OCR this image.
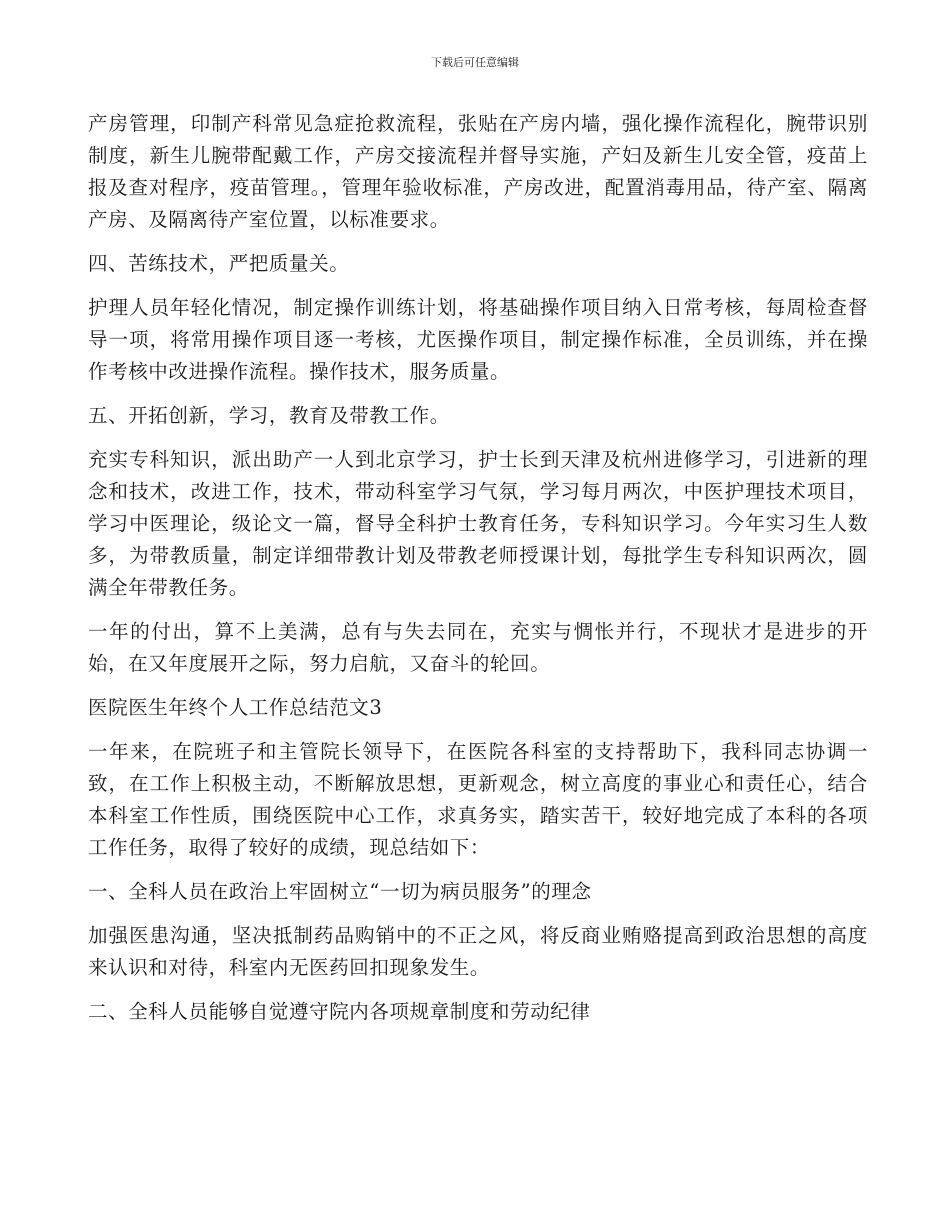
下载后可任意编辑

产房管理，印制产科常见急症抢救流程，张贴在产房内墙，强化操作流程化，腕带识别制度，新生儿腕带配戴工作，产房交接流程并督导实施，产妇及新生儿安全管，疫苗上报及查对程序，疫苗管理。，管理年验收标准，产房改进，配置消毒用品，待产室、隔离产房、及隔离待产室位置，以标准要求。

四、苦练技术，严把质量关。

护理人员年轻化情况，制定操作训练计划，将基础操作项目纳入日常考核，每周检查督导一项，将常用操作项目逐一考核，尤医操作项目，制定操作标准，全员训练，并在操作考核中改进操作流程。操作技术，服务质量。

五、开拓创新，学习，教育及带教工作。

充实专科知识，派出助产一人到北京学习，护士长到天津及杭州进修学习，引进新的理念和技术，改进工作，技术，带动科室学习气氛，学习每月两次，中医护理技术项目，学习中医理论，级论文一篇，督导全科护士教育任务，专科知识学习。今年实习生人数多，为带教质量，制定详细带教计划及带教老师授课计划，每批学生专科知识两次，圆满全年带教任务。

一年的付出，算不上美满，总有与失去同在，充实与惆怅并行，不现状才是进步的开始，在又年度展开之际，努力启航，又奋斗的轮回。

医院医生年终个人工作总结范文3

一年来，在院班子和主管院长领导下，在医院各科室的支持帮助下，我科同志协调一致，在工作上积极主动，不断解放思想，更新观念，树立高度的事业心和责任心，结合本科室工作性质，围绕医院中心工作，求真务实，踏实苦干，较好地完成了本科的各项工作任务，取得了较好的成绩，现总结如下：

一、全科人员在政治上牢固树立“一切为病员服务”的理念

加强医患沟通，坚决抵制药品购销中的不正之风，将反商业贿赂提高到政治思想的高度来认识和对待，科室内无医药回扣现象发生。

二、全科人员能够自觉遵守院内各项规章制度和劳动纪律
